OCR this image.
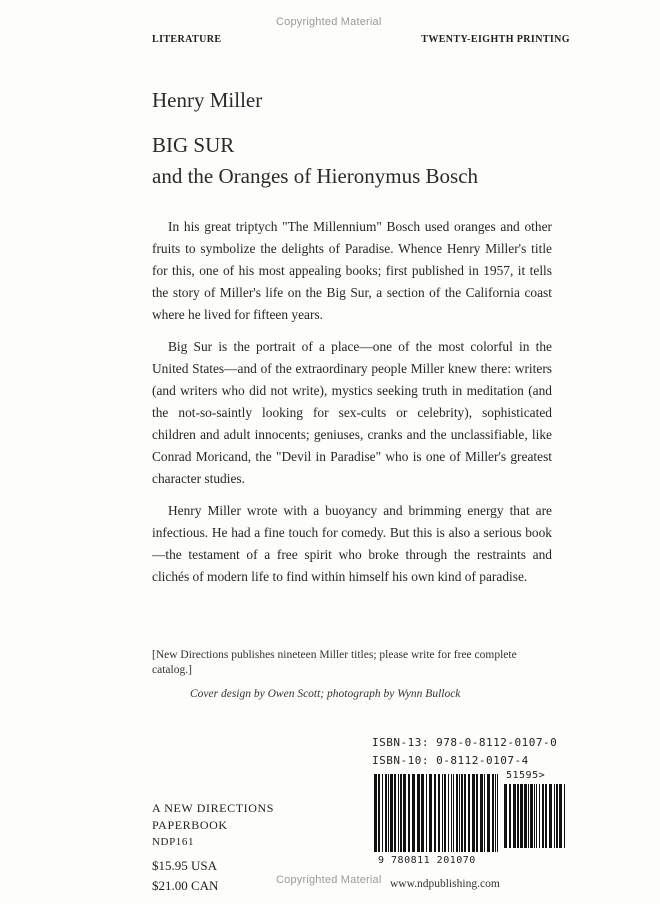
Copyrighted Material
LITERATURE	TWENTY-EIGHTH PRINTING
Henry Miller
BIG SUR
and the Oranges of Hieronymus Bosch

In his great triptych "The Millennium" Bosch used oranges and other fruits to symbolize the delights of Paradise. Whence Henry Miller's title for this, one of his most appealing books; first published in 1957, it tells the story of Miller's life on the Big Sur, a section of the California coast where he lived for fifteen years.

Big Sur is the portrait of a place—one of the most colorful in the United States—and of the extraordinary people Miller knew there: writers (and writers who did not write), mystics seeking truth in meditation (and the not-so-saintly looking for sex-cults or celebrity), sophisticated children and adult innocents; geniuses, cranks and the unclassifiable, like Conrad Moricand, the "Devil in Paradise" who is one of Miller's greatest character studies.

Henry Miller wrote with a buoyancy and brimming energy that are infectious. He had a fine touch for comedy. But this is also a serious book—the testament of a free spirit who broke through the restraints and clichés of modern life to find within himself his own kind of paradise.

[New Directions publishes nineteen Miller titles; please write for free complete catalog.]
Cover design by Owen Scott; photograph by Wynn Bullock
ISBN-13: 978-0-8112-0107-0
ISBN-10: 0-8112-0107-4
51595>
9 780811 201070
A NEW DIRECTIONS
PAPERBOOK
NDP161
$15.95 USA
$21.00 CAN	Copyrighted Material www.ndpublishing.com
